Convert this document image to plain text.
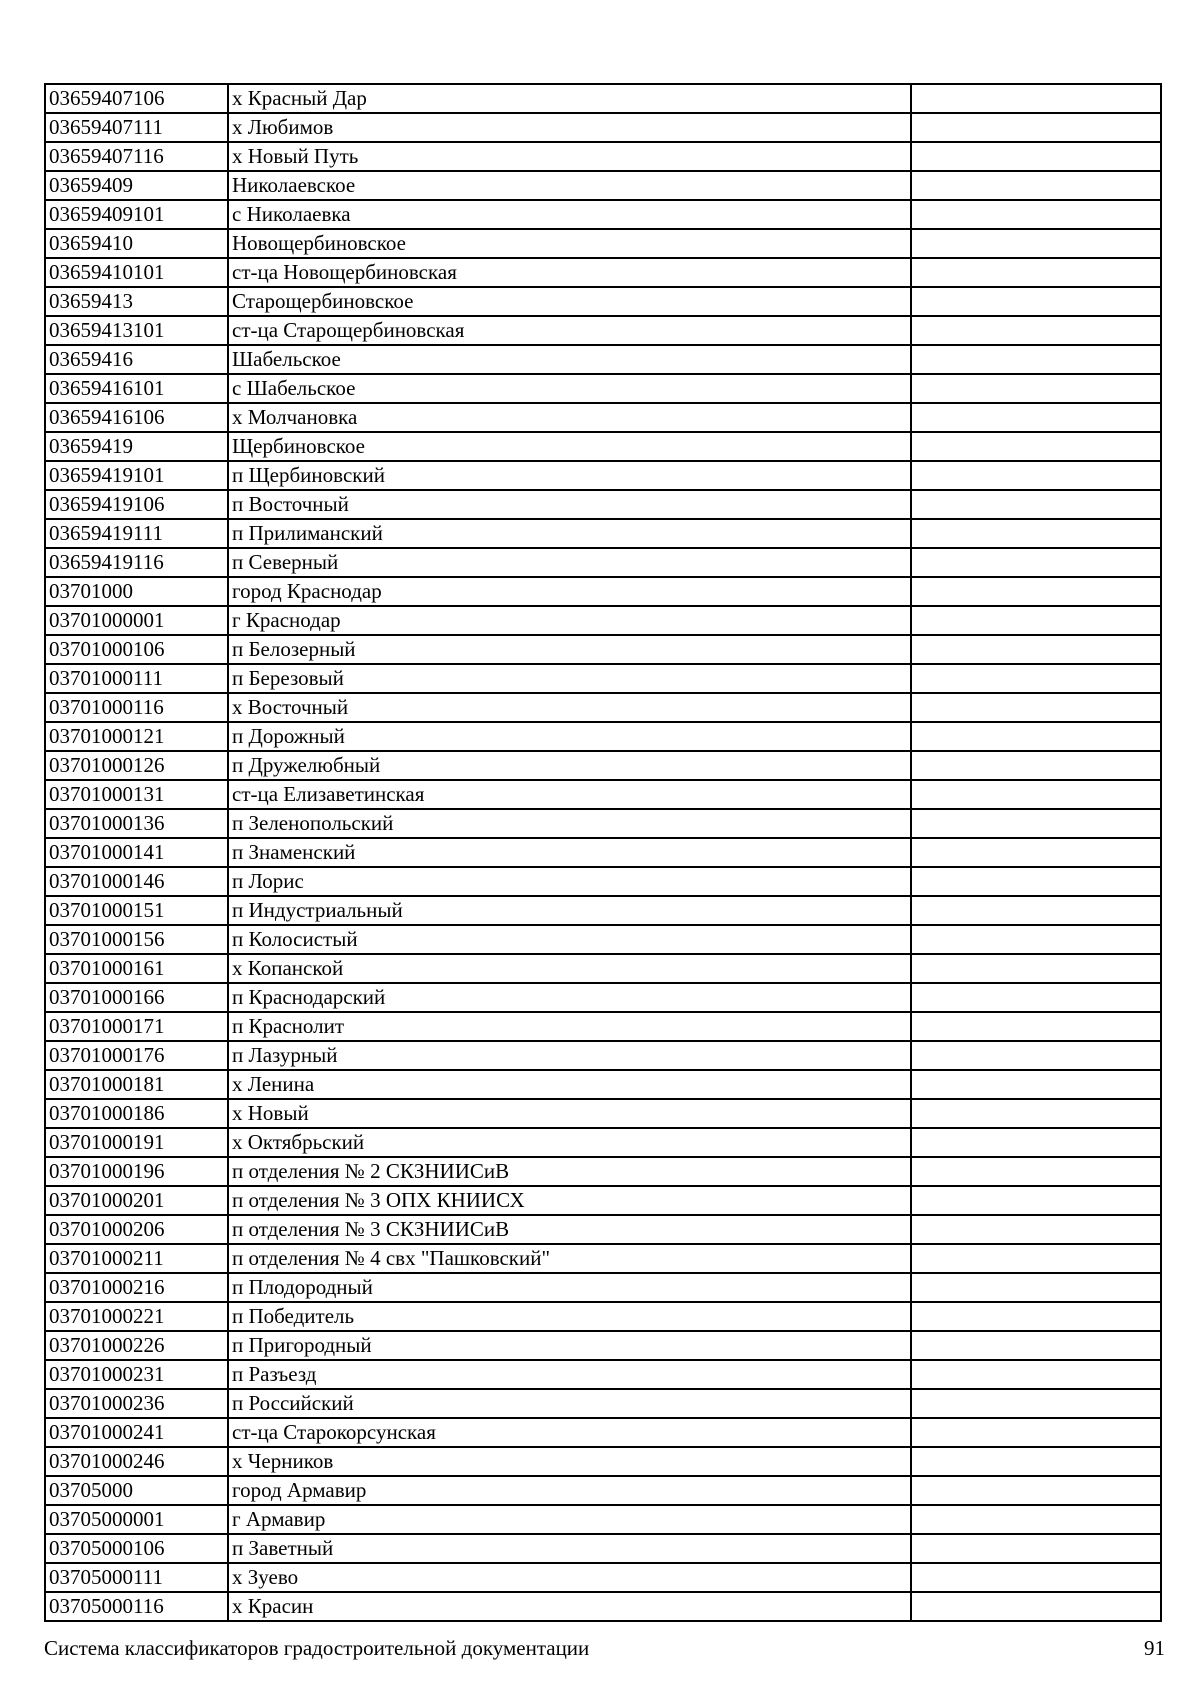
03659407106	х Красный Дар	
03659407111	х Любимов	
03659407116	х Новый Путь	
03659409	Николаевское	
03659409101	с Николаевка	
03659410	Новощербиновское	
03659410101	ст-ца Новощербиновская	
03659413	Старощербиновское	
03659413101	ст-ца Старощербиновская	
03659416	Шабельское	
03659416101	с Шабельское	
03659416106	х Молчановка	
03659419	Щербиновское	
03659419101	п Щербиновский	
03659419106	п Восточный	
03659419111	п Прилиманский	
03659419116	п Северный	
03701000	город Краснодар	
03701000001	г Краснодар	
03701000106	п Белозерный	
03701000111	п Березовый	
03701000116	х Восточный	
03701000121	п Дорожный	
03701000126	п Дружелюбный	
03701000131	ст-ца Елизаветинская	
03701000136	п Зеленопольский	
03701000141	п Знаменский	
03701000146	п Лорис	
03701000151	п Индустриальный	
03701000156	п Колосистый	
03701000161	х Копанской	
03701000166	п Краснодарский	
03701000171	п Краснолит	
03701000176	п Лазурный	
03701000181	х Ленина	
03701000186	х Новый	
03701000191	х Октябрьский	
03701000196	п отделения № 2 СКЗНИИСиВ	
03701000201	п отделения № 3 ОПХ КНИИСХ	
03701000206	п отделения № 3 СКЗНИИСиВ	
03701000211	п отделения № 4 свх "Пашковский"	
03701000216	п Плодородный	
03701000221	п Победитель	
03701000226	п Пригородный	
03701000231	п Разъезд	
03701000236	п Российский	
03701000241	ст-ца Старокорсунская	
03701000246	х Черников	
03705000	город Армавир	
03705000001	г Армавир	
03705000106	п Заветный	
03705000111	х Зуево	
03705000116	х Красин	
Система классификаторов градостроительной документации	91
